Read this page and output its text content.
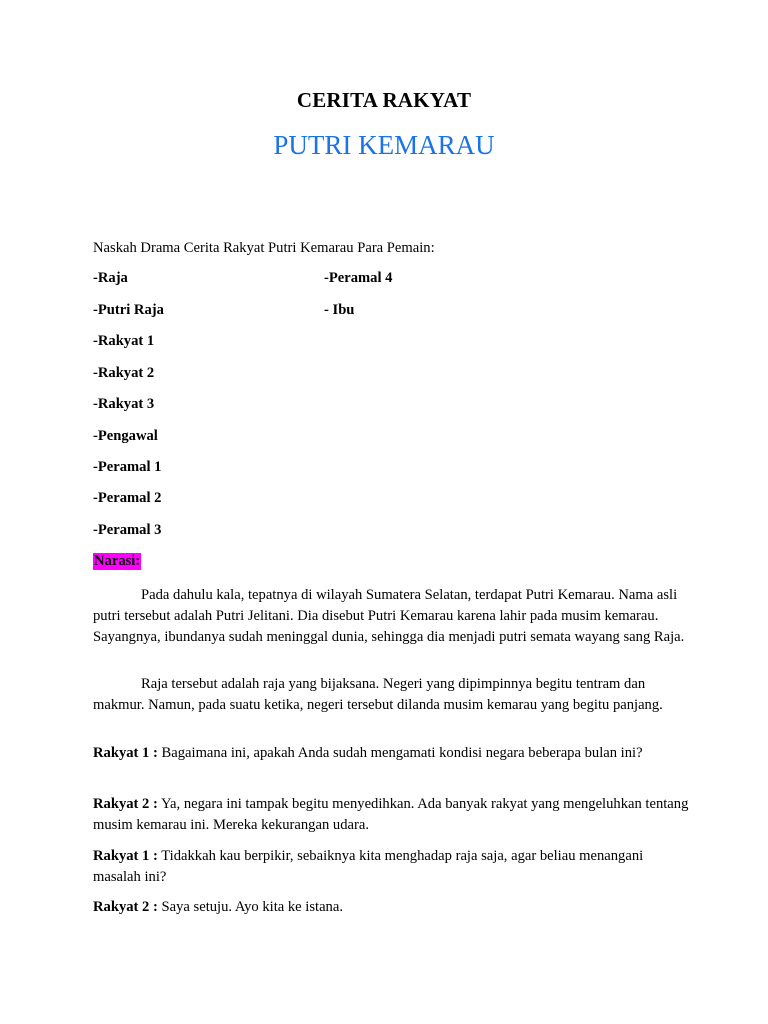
CERITA RAKYAT
PUTRI KEMARAU
Naskah Drama Cerita Rakyat Putri Kemarau Para Pemain:
-Raja
-Putri Raja
-Rakyat 1
-Rakyat 2
-Rakyat 3
-Pengawal
-Peramal 1
-Peramal 2
-Peramal 3
-Peramal 4
- Ibu
Narasi:
Pada dahulu kala, tepatnya di wilayah Sumatera Selatan, terdapat Putri Kemarau. Nama asli putri tersebut adalah Putri Jelitani. Dia disebut Putri Kemarau karena lahir pada musim kemarau. Sayangnya, ibundanya sudah meninggal dunia, sehingga dia menjadi putri semata wayang sang Raja.
Raja tersebut adalah raja yang bijaksana. Negeri yang dipimpinnya begitu tentram dan makmur. Namun, pada suatu ketika, negeri tersebut dilanda musim kemarau yang begitu panjang.
Rakyat 1 : Bagaimana ini, apakah Anda sudah mengamati kondisi negara beberapa bulan ini?
Rakyat 2 : Ya, negara ini tampak begitu menyedihkan. Ada banyak rakyat yang mengeluhkan tentang musim kemarau ini. Mereka kekurangan udara.
Rakyat 1 : Tidakkah kau berpikir, sebaiknya kita menghadap raja saja, agar beliau menangani masalah ini?
Rakyat 2 : Saya setuju. Ayo kita ke istana.
